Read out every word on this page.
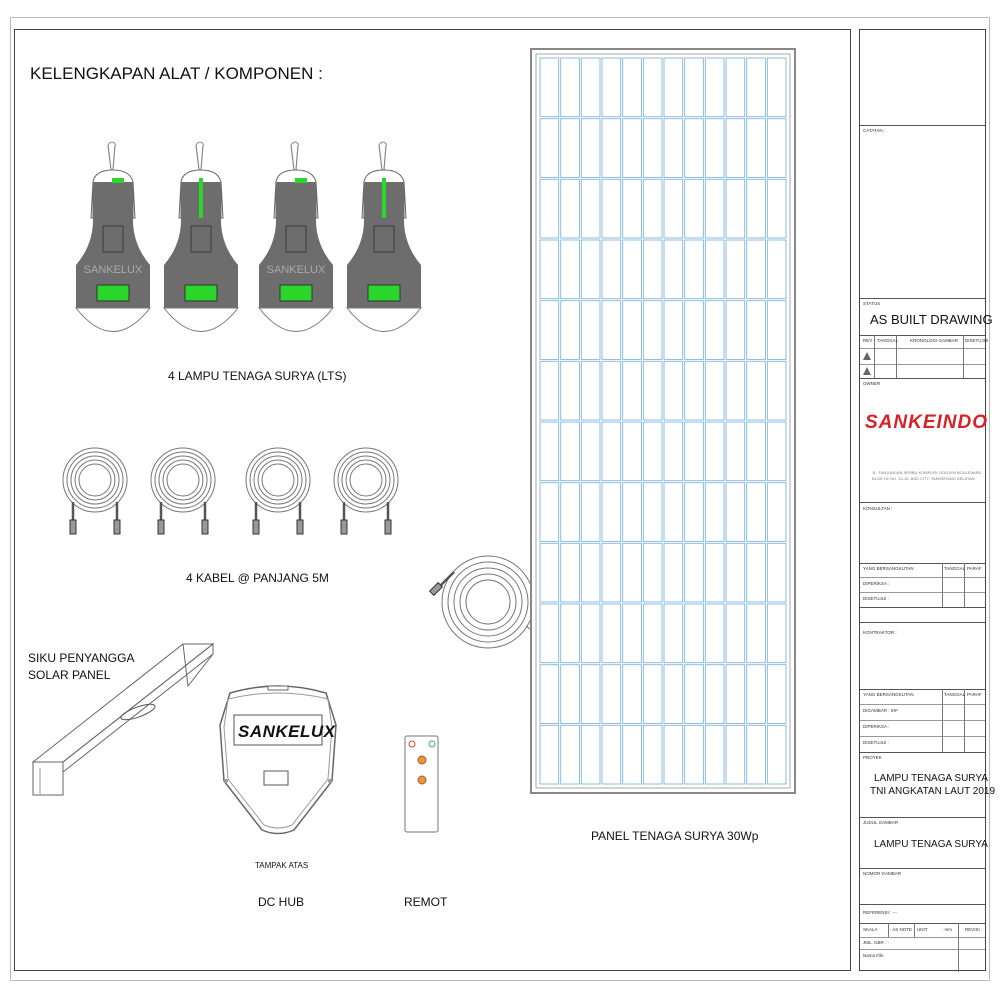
KELENGKAPAN ALAT / KOMPONEN :
SANKELUX	SANKELUX
4 LAMPU TENAGA SURYA (LTS)
4 KABEL @ PANJANG 5M
PANEL TENAGA SURYA 30Wp
SIKU PENYANGGA
SOLAR PANEL
SANKELUX
TAMPAK ATAS
DC HUB	REMOT
CATATAN :
STATUS
AS BUILT DRAWING
REV TANGGAL	KRONOLOGI GAMBAR DISETUJUI
OWNER
SANKEINDO
JL. TANJUNGAN SERBU KOMPLEK GOLDEN BOULEVARD
BLOK H2 NO. 10-16, BSD CITY, TANGERANG SELATAN
KONSULTAN :
YANG BERSANGKUTAN	TANGGAL PARAF
DIPERIKSA :
DISETUJUI :
KONTRAKTOR :
YANG BERSANGKUTAN	TANGGAL PARAF
DIGAMBAR : IHF
DIPERIKSA :
DISETUJUI :
PROYEK
LAMPU TENAGA SURYA
TNI ANGKATAN LAUT 2019
JUDUL GAMBAR
LAMPU TENAGA SURYA
NOMOR GAMBAR
REFERENSI : ---
SKALA	: AS NOTE UNIT	: mm	REVISI
JML. GBR : -
Nama File
